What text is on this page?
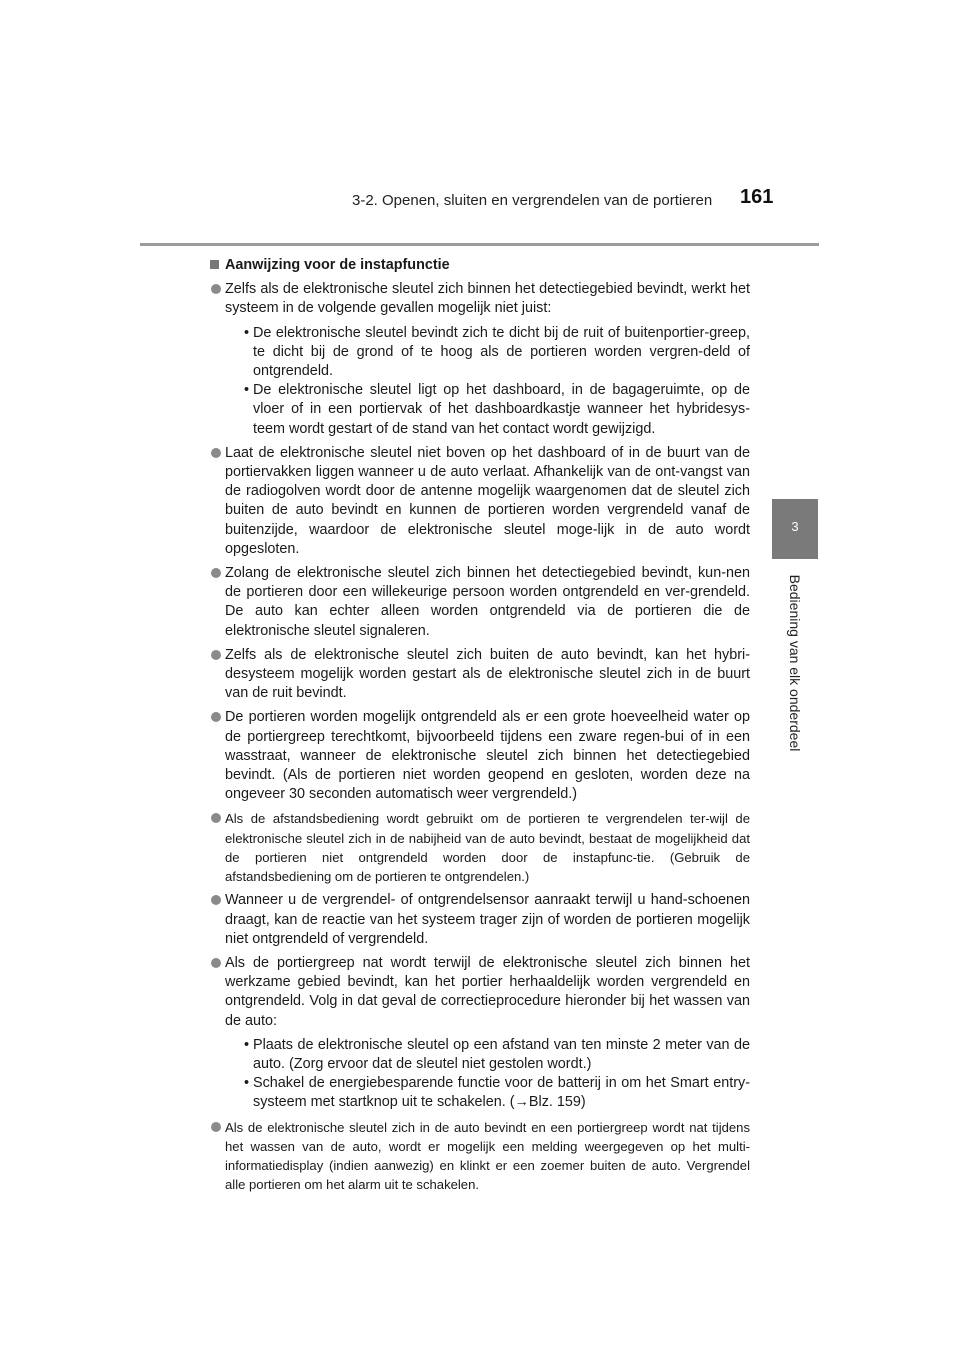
3-2. Openen, sluiten en vergrendelen van de portieren 161
3
Bediening van elk onderdeel
Aanwijzing voor de instapfunctie
Zelfs als de elektronische sleutel zich binnen het detectiegebied bevindt, werkt het systeem in de volgende gevallen mogelijk niet juist:
• De elektronische sleutel bevindt zich te dicht bij de ruit of buitenportier-greep, te dicht bij de grond of te hoog als de portieren worden vergren-deld of ontgrendeld.
• De elektronische sleutel ligt op het dashboard, in de bagageruimte, op de vloer of in een portiervak of het dashboardkastje wanneer het hybridesys-teem wordt gestart of de stand van het contact wordt gewijzigd.
Laat de elektronische sleutel niet boven op het dashboard of in de buurt van de portiervakken liggen wanneer u de auto verlaat. Afhankelijk van de ont-vangst van de radiogolven wordt door de antenne mogelijk waargenomen dat de sleutel zich buiten de auto bevindt en kunnen de portieren worden vergrendeld vanaf de buitenzijde, waardoor de elektronische sleutel moge-lijk in de auto wordt opgesloten.
Zolang de elektronische sleutel zich binnen het detectiegebied bevindt, kun-nen de portieren door een willekeurige persoon worden ontgrendeld en ver-grendeld. De auto kan echter alleen worden ontgrendeld via de portieren die de elektronische sleutel signaleren.
Zelfs als de elektronische sleutel zich buiten de auto bevindt, kan het hybri-desysteem mogelijk worden gestart als de elektronische sleutel zich in de buurt van de ruit bevindt.
De portieren worden mogelijk ontgrendeld als er een grote hoeveelheid water op de portiergreep terechtkomt, bijvoorbeeld tijdens een zware regen-bui of in een wasstraat, wanneer de elektronische sleutel zich binnen het detectiegebied bevindt. (Als de portieren niet worden geopend en gesloten, worden deze na ongeveer 30 seconden automatisch weer vergrendeld.)
Als de afstandsbediening wordt gebruikt om de portieren te vergrendelen ter-wijl de elektronische sleutel zich in de nabijheid van de auto bevindt, bestaat de mogelijkheid dat de portieren niet ontgrendeld worden door de instapfunc-tie. (Gebruik de afstandsbediening om de portieren te ontgrendelen.)
Wanneer u de vergrendel- of ontgrendelsensor aanraakt terwijl u hand-schoenen draagt, kan de reactie van het systeem trager zijn of worden de portieren mogelijk niet ontgrendeld of vergrendeld.
Als de portiergreep nat wordt terwijl de elektronische sleutel zich binnen het werkzame gebied bevindt, kan het portier herhaaldelijk worden vergrendeld en ontgrendeld. Volg in dat geval de correctieprocedure hieronder bij het wassen van de auto:
• Plaats de elektronische sleutel op een afstand van ten minste 2 meter van de auto. (Zorg ervoor dat de sleutel niet gestolen wordt.)
• Schakel de energiebesparende functie voor de batterij in om het Smart entry-systeem met startknop uit te schakelen. (→Blz. 159)
Als de elektronische sleutel zich in de auto bevindt en een portiergreep wordt nat tijdens het wassen van de auto, wordt er mogelijk een melding weergegeven op het multi-informatiedisplay (indien aanwezig) en klinkt er een zoemer buiten de auto. Vergrendel alle portieren om het alarm uit te schakelen.
